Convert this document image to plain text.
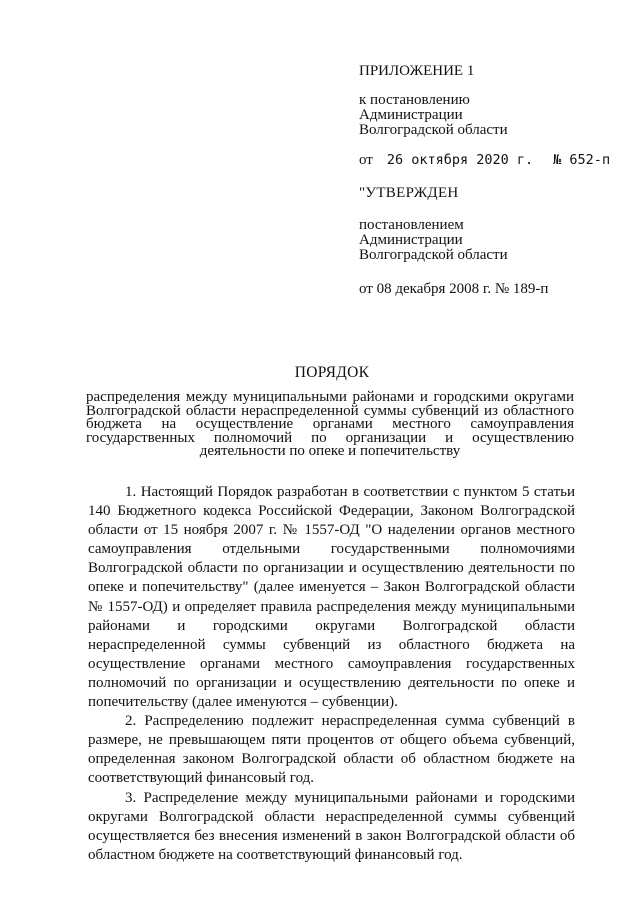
ПРИЛОЖЕНИЕ 1
к постановлению
Администрации
Волгоградской области
от 26 октября 2020 г. № 652-п
"УТВЕРЖДЕН
постановлением
Администрации
Волгоградской области
от 08 декабря 2008 г. № 189-п
ПОРЯДОК
распределения между муниципальными районами и городскими округами
Волгоградской области нераспределенной суммы субвенций из областного
бюджета на осуществление органами местного самоуправления
государственных полномочий по организации и осуществлению
деятельности по опеке и попечительству

1. Настоящий Порядок разработан в соответствии с пунктом 5 статьи 140 Бюджетного кодекса Российской Федерации, Законом Волгоградской области от 15 ноября 2007 г. № 1557-ОД "О наделении органов местного самоуправления отдельными государственными полномочиями Волгоградской области по организации и осуществлению деятельности по опеке и попечительству" (далее именуется – Закон Волгоградской области № 1557-ОД) и определяет правила распределения между муниципальными районами и городскими округами Волгоградской области нераспределенной суммы субвенций из областного бюджета на осуществление органами местного самоуправления государственных полномочий по организации и осуществлению деятельности по опеке и попечительству (далее именуются – субвенции).

2. Распределению подлежит нераспределенная сумма субвенций в размере, не превышающем пяти процентов от общего объема субвенций, определенная законом Волгоградской области об областном бюджете на соответствующий финансовый год.

3. Распределение между муниципальными районами и городскими округами Волгоградской области нераспределенной суммы субвенций осуществляется без внесения изменений в закон Волгоградской области об областном бюджете на соответствующий финансовый год.
